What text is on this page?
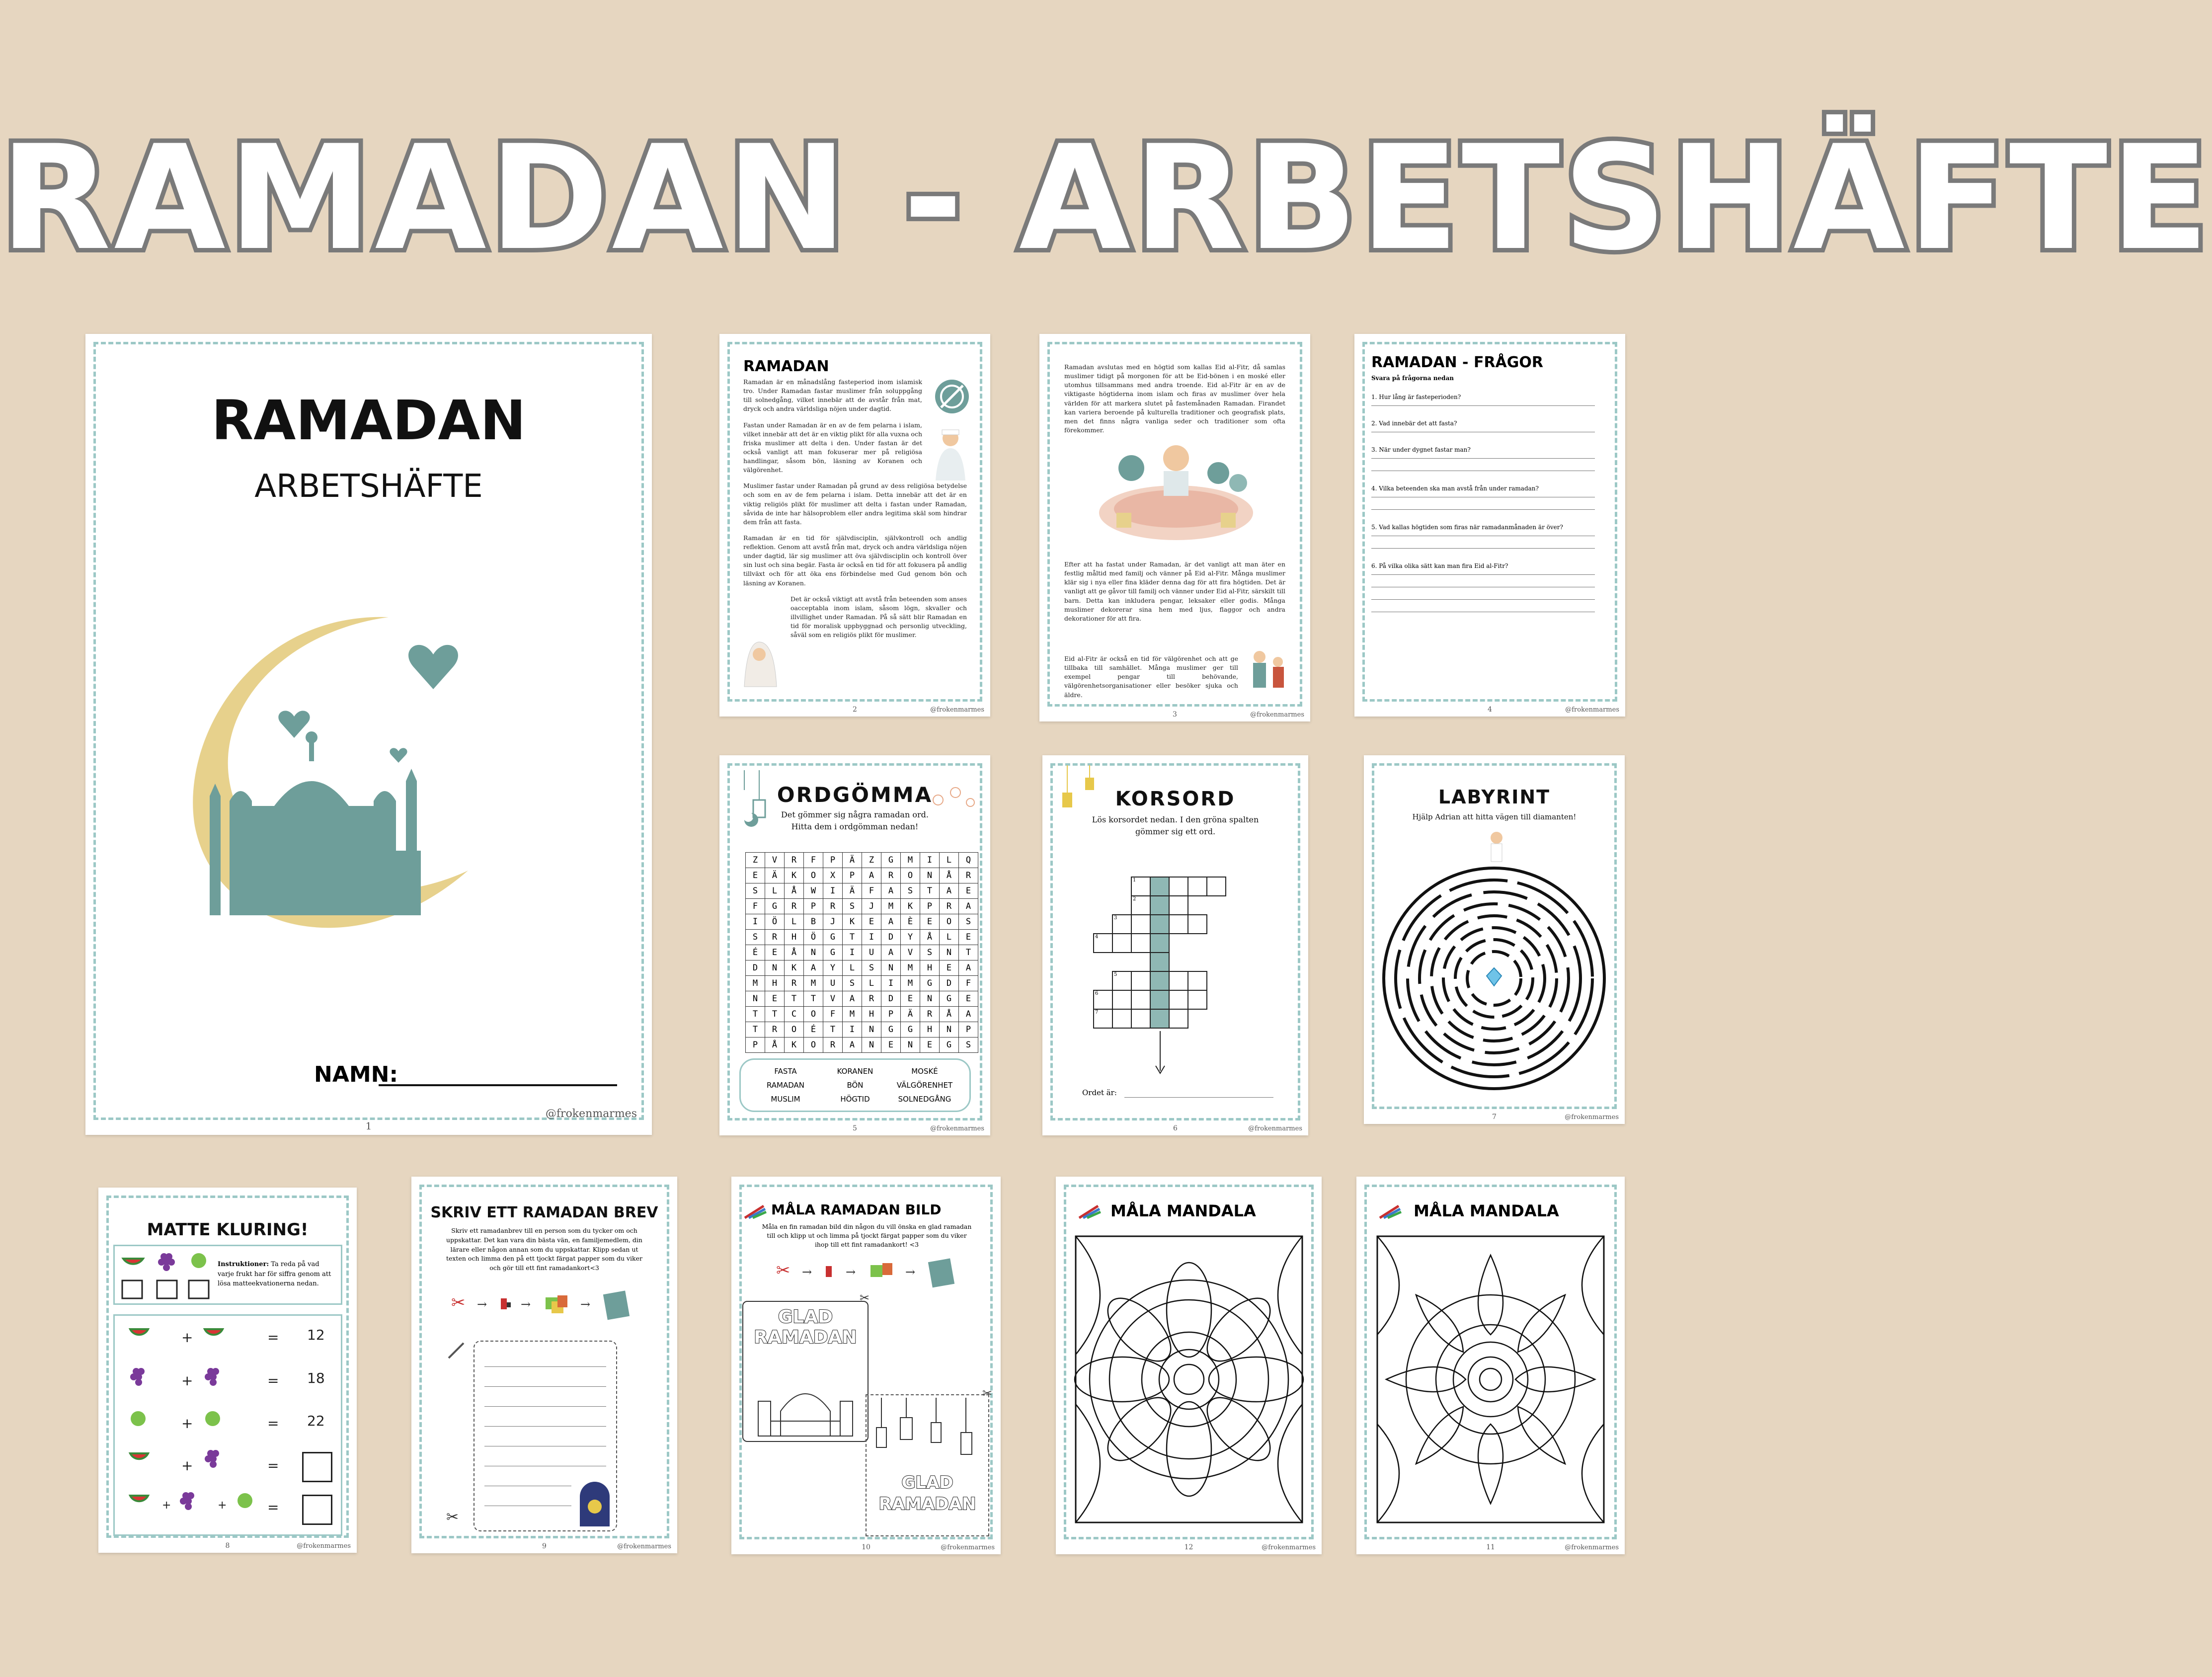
RAMADAN - ARBETSHÄFTE
RAMADAN
ARBETSHÄFTE
NAMN:
1
@frokenmarmes
RAMADAN

Ramadan är en månadslång fasteperiod inom islamisk tro. Under Ramadan fastar muslimer från soluppgång till solnedgång, vilket innebär att de avstår från mat, dryck och andra världsliga nöjen under dagtid.

Fastan under Ramadan är en av de fem pelarna i islam, vilket innebär att det är en viktig plikt för alla vuxna och friska muslimer att delta i den. Under fastan är det också vanligt att man fokuserar mer på religiösa handlingar, såsom bön, läsning av Koranen och välgörenhet.

Muslimer fastar under Ramadan på grund av dess religiösa betydelse och som en av de fem pelarna i islam. Detta innebär att det är en viktig religiös plikt för muslimer att delta i fastan under Ramadan, såvida de inte har hälsoproblem eller andra legitima skäl som hindrar dem från att fasta.

Ramadan är en tid för självdisciplin, självkontroll och andlig reflektion. Genom att avstå från mat, dryck och andra världsliga nöjen under dagtid, lär sig muslimer att öva självdisciplin och kontroll över sin lust och sina begär. Fasta är också en tid för att fokusera på andlig tillväxt och för att öka ens förbindelse med Gud genom bön och läsning av Koranen.

Det är också viktigt att avstå från beteenden som anses oacceptabla inom islam, såsom lögn, skvaller och illvillighet under Ramadan. På så sätt blir Ramadan en tid för moralisk uppbyggnad och personlig utveckling, såväl som en religiös plikt för muslimer.

2	@frokenmarmes
Ramadan avslutas med en högtid som kallas Eid al-Fitr, då samlas muslimer tidigt på morgonen för att be Eid-bönen i en moské eller utomhus tillsammans med andra troende. Eid al-Fitr är en av de viktigaste högtiderna inom islam och firas av muslimer över hela världen för att markera slutet på fastemånaden Ramadan. Firandet kan variera beroende på kulturella traditioner och geografisk plats, men det finns några vanliga seder och traditioner som ofta förekommer.
Efter att ha fastat under Ramadan, är det vanligt att man äter en festlig måltid med familj och vänner på Eid al-Fitr. Många muslimer klär sig i nya eller fina kläder denna dag för att fira högtiden. Det är vanligt att ge gåvor till familj och vänner under Eid al-Fitr, särskilt till barn. Detta kan inkludera pengar, leksaker eller godis. Många muslimer dekorerar sina hem med ljus, flaggor och andra dekorationer för att fira.
Eid al-Fitr är också en tid för välgörenhet och att ge tillbaka till samhället. Många muslimer ger till exempel pengar till behövande, välgörenhetsorganisationer eller besöker sjuka och äldre.
3	@frokenmarmes
RAMADAN - FRÅGOR
Svara på frågorna nedan
1. Hur lång är fasteperioden?
2. Vad innebär det att fasta?
3. När under dygnet fastar man?
4. Vilka beteenden ska man avstå från under ramadan?
5. Vad kallas högtiden som firas när ramadanmånaden är över?
6. På vilka olika sätt kan man fira Eid al-Fitr?
4	@frokenmarmes
ORDGÖMMA
Det gömmer sig några ramadan ord.
Hitta dem i ordgömman nedan!
Z	V	R	F	P	Ä	Z	G	M	I	L	Q
E	Ä	K	O	X	P	A	R	O	N	Å	R
S	L	Å	W	I	Ä	F	A	S	T	A	E
F	G	R	P	R	S	J	M	K	P	R	A
I	Ö	L	B	J	K	E	A	È	E	O	S
S	R	H	Ö	G	T	I	D	Y	Å	L	E
É	E	Å	N	G	I	U	A	V	S	N	T
D	N	K	A	Y	L	S	N	M	H	E	A
M	H	R	M	U	S	L	I	M	G	D	F
N	E	T	T	V	A	R	D	E	N	G	E
T	T	C	O	F	M	H	P	Ä	R	Å	A
T	R	O	É	T	I	N	G	G	H	N	P
P	Å	K	O	R	A	N	E	N	E	G	S
FASTA	KORANEN	MOSKÉ
RAMADAN	BÖN	VÄLGÖRENHET
MUSLIM	HÖGTID	SOLNEDGÅNG
5	@frokenmarmes
KORSORD
Lös korsordet nedan. I den gröna spalten
gömmer sig ett ord.
1
2
3
4
5
6
7
Ordet är:
6	@frokenmarmes
LABYRINT
Hjälp Adrian att hitta vägen till diamanten!
7	@frokenmarmes
MATTE KLURING!
Instruktioner: Ta reda på vad varje frukt har för siffra genom att lösa matteekvationerna nedan.
+	= 12
+	= 18
+	= 22
+	=
+	+	=
8	@frokenmarmes
SKRIV ETT RAMADAN BREV
Skriv ett ramadanbrev till en person som du tycker om och uppskattar. Det kan vara din bästa vän, en familjemedlem, din lärare eller någon annan som du uppskattar. Klipp sedan ut texten och limma den på ett tjockt färgat papper som du viker och gör till ett fint ramadankort<3
✂ →	→	→
✂
9	@frokenmarmes
MÅLA RAMADAN BILD
Måla en fin ramadan bild din någon du vill önska en glad ramadan till och klipp ut och limma på tjockt färgat papper som du viker ihop till ett fint ramadankort! <3
✂ →	→	→
GLAD RAMADAN
✂
GLAD RAMADAN
✂
10	@frokenmarmes
MÅLA MANDALA
12	@frokenmarmes
MÅLA MANDALA
11	@frokenmarmes
